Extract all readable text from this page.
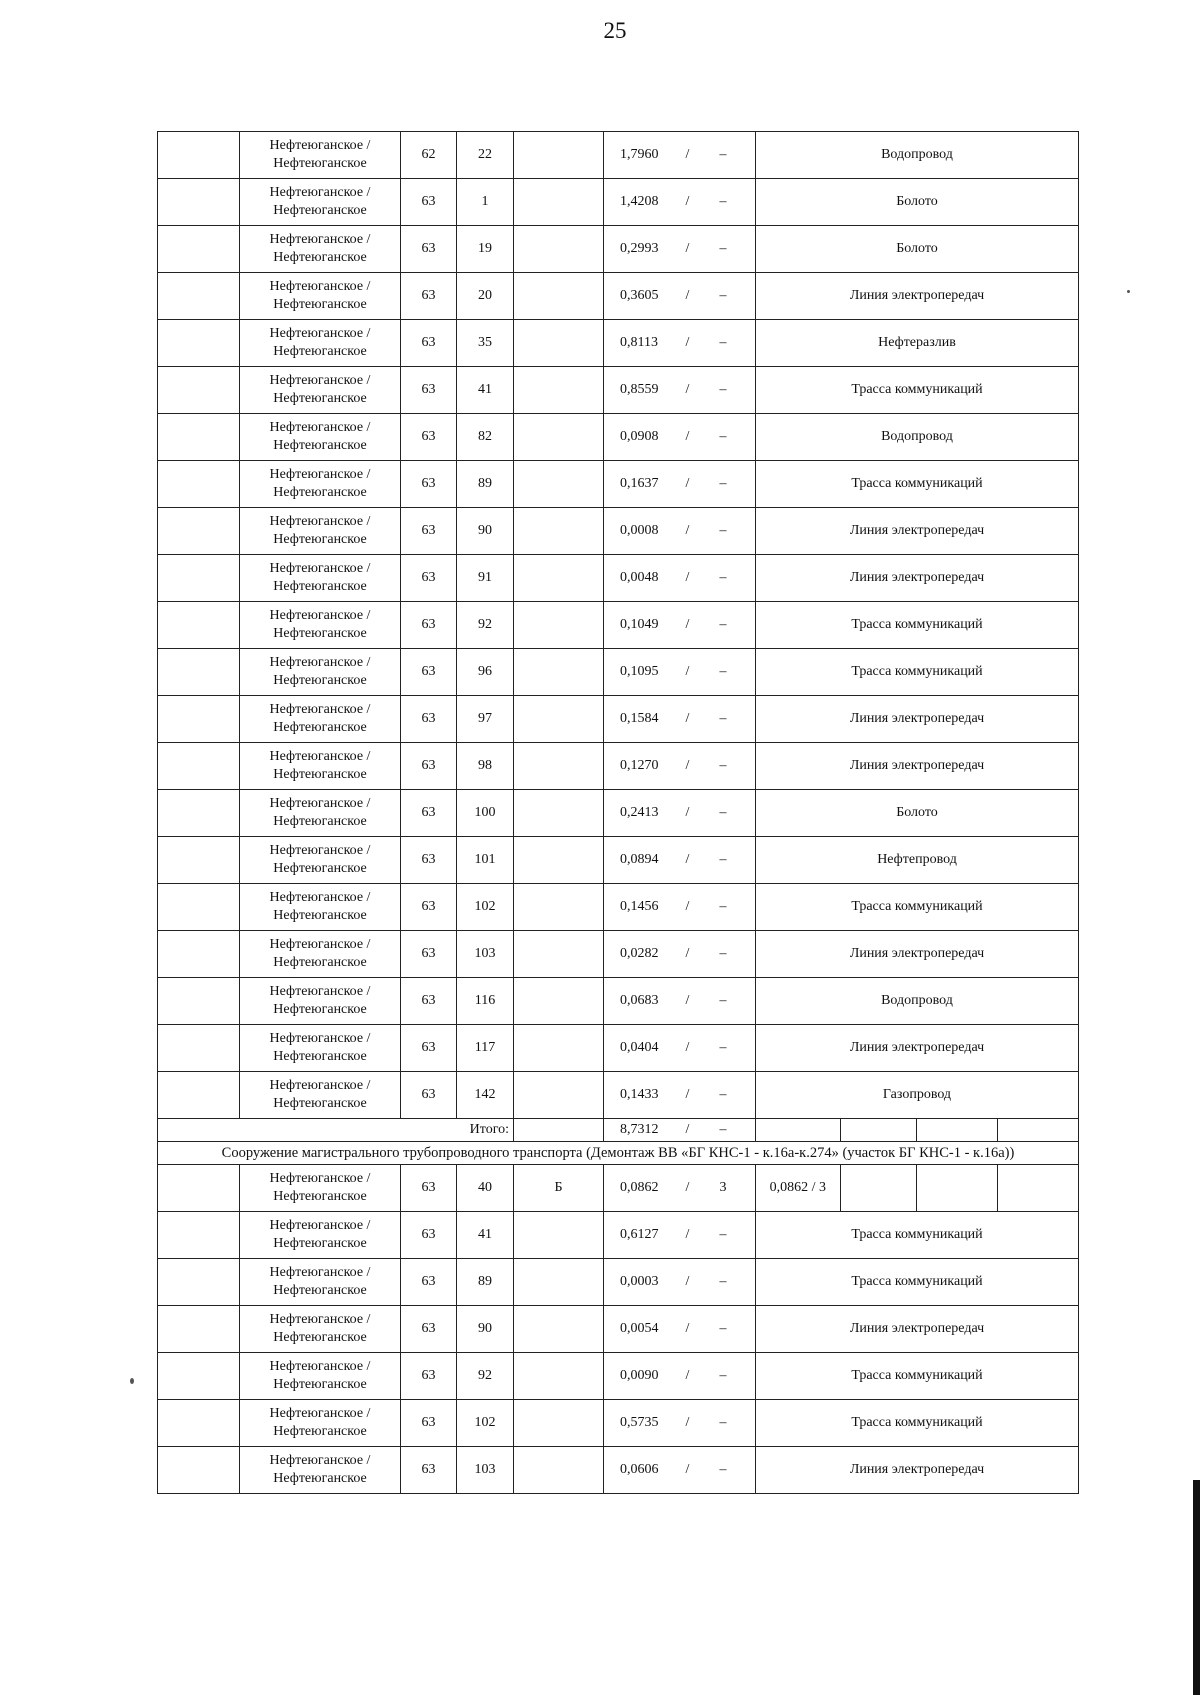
25
	Нефтеюганское /
Нефтеюганское	62	22		1,7960 / –	Водопровод
	Нефтеюганское /
Нефтеюганское	63	1		1,4208 / –	Болото
	Нефтеюганское /
Нефтеюганское	63	19		0,2993 / –	Болото
	Нефтеюганское /
Нефтеюганское	63	20		0,3605 / –	Линия электропередач
	Нефтеюганское /
Нефтеюганское	63	35		0,8113 / –	Нефтеразлив
	Нефтеюганское /
Нефтеюганское	63	41		0,8559 / –	Трасса коммуникаций
	Нефтеюганское /
Нефтеюганское	63	82		0,0908 / –	Водопровод
	Нефтеюганское /
Нефтеюганское	63	89		0,1637 / –	Трасса коммуникаций
	Нефтеюганское /
Нефтеюганское	63	90		0,0008 / –	Линия электропередач
	Нефтеюганское /
Нефтеюганское	63	91		0,0048 / –	Линия электропередач
	Нефтеюганское /
Нефтеюганское	63	92		0,1049 / –	Трасса коммуникаций
	Нефтеюганское /
Нефтеюганское	63	96		0,1095 / –	Трасса коммуникаций
	Нефтеюганское /
Нефтеюганское	63	97		0,1584 / –	Линия электропередач
	Нефтеюганское /
Нефтеюганское	63	98		0,1270 / –	Линия электропередач
	Нефтеюганское /
Нефтеюганское	63	100		0,2413 / –	Болото
	Нефтеюганское /
Нефтеюганское	63	101		0,0894 / –	Нефтепровод
	Нефтеюганское /
Нефтеюганское	63	102		0,1456 / –	Трасса коммуникаций
	Нефтеюганское /
Нефтеюганское	63	103		0,0282 / –	Линия электропередач
	Нефтеюганское /
Нефтеюганское	63	116		0,0683 / –	Водопровод
	Нефтеюганское /
Нефтеюганское	63	117		0,0404 / –	Линия электропередач
	Нефтеюганское /
Нефтеюганское	63	142		0,1433 / –	Газопровод
Итого:					8,7312 / –	

Сооружение магистрального трубопроводного транспорта (Демонтаж ВВ «БГ КНС-1 - к.16а-к.274» (участок БГ КНС-1 - к.16а))						
	Нефтеюганское /
Нефтеюганское	63	40	Б	0,0862 / 3	0,0862 / 3

	Нефтеюганское /
Нефтеюганское	63	41		0,6127 / –	Трасса коммуникаций
	Нефтеюганское /
Нефтеюганское	63	89		0,0003 / –	Трасса коммуникаций
	Нефтеюганское /
Нефтеюганское	63	90		0,0054 / –	Линия электропередач
	Нефтеюганское /
Нефтеюганское	63	92		0,0090 / –	Трасса коммуникаций
	Нефтеюганское /
Нефтеюганское	63	102		0,5735 / –	Трасса коммуникаций
	Нефтеюганское /
Нефтеюганское	63	103		0,0606 / –	Линия электропередач
